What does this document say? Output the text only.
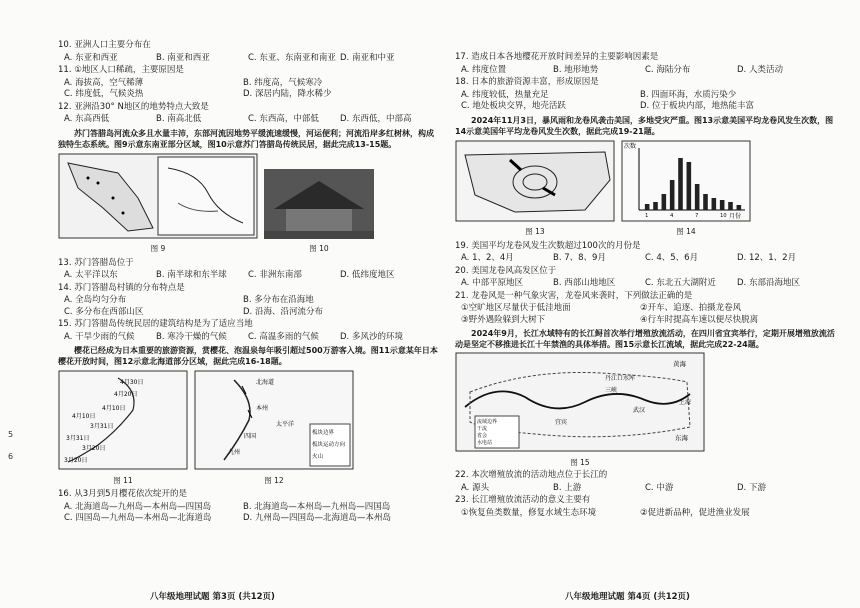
5
6
10. 亚洲人口主要分布在
A. 东亚和西亚	B. 南亚和西亚	C. 东亚、东南亚和南亚 D. 南亚和中亚
11. ①地区人口稀疏，主要原因是
A. 海拔高，空气稀薄	B. 纬度高，气候寒冷
C. 纬度低，气候炎热	D. 深居内陆，降水稀少
12. 亚洲沿30° N地区的地势特点大致是
A. 东高西低	B. 南高北低	C. 东西高，中部低	D. 东西低，中部高
苏门答腊岛河流众多且水量丰沛，东部河流因地势平缓流速缓慢，河运便利；河流沿岸多红树林，构成独特生态系统。图9示意东南亚部分区域，图10示意苏门答腊岛传统民居，据此完成13-15题。
图 9	图 10
13. 苏门答腊岛位于
A. 太平洋以东	B. 南半球和东半球	C. 非洲东南部	D. 低纬度地区
14. 苏门答腊岛村镇的分布特点是
A. 全岛均匀分布	B. 多分布在沿海地
C. 多分布在西部山区	D. 沿海、沿河流分布
15. 苏门答腊岛传统民居的建筑结构是为了适应当地
A. 干旱少雨的气候	B. 寒冷干燥的气候	C. 高温多雨的气候	D. 多风沙的环境
樱花已经成为日本重要的旅游资源，赏樱花、泡温泉每年吸引超过500万游客入境。图11示意某年日本樱花开放时间，图12示意北海道部分区域，据此完成16-18题。
4月30日
4月20日
4月10日
4月10日
3月31日
3月31日
3月20日
3月20日
图 11
北海道
本州
四国
九州
太平洋
板块边界
板块运动方向
火山
图 12
16. 从3月到5月樱花依次绽开的是
A. 北海道岛—九州岛—本州岛—四国岛	B. 北海道岛—本州岛—九州岛—四国岛
C. 四国岛—九州岛—本州岛—北海道岛	D. 九州岛—四国岛—北海道岛—本州岛
八年级地理试题 第3页 (共12页)
17. 造成日本各地樱花开放时间差异的主要影响因素是
A. 纬度位置	B. 地形地势	C. 海陆分布	D. 人类活动
18. 日本的旅游资源丰富，形成原因是
A. 纬度较低，热量充足	B. 四面环海，水质污染少
C. 地处板块交界，地壳活跃	D. 位于板块内部，地热能丰富
2024年11月3日，暴风雨和龙卷风袭击美国，多地受灾严重。图13示意美国平均龙卷风发生次数，图14示意美国年平均龙卷风发生次数，据此完成19-21题。
图 13
次数
月份
1	4	7	10
图 14
19. 美国平均龙卷风发生次数超过100次的月份是
A. 1、2、4月	B. 7、8、9月	C. 4、5、6月	D. 12、1、2月
20. 美国龙卷风高发区位于
A. 中部平原地区	B. 西部山地地区	C. 东北五大湖附近	D. 东部沿海地区
21. 龙卷风是一种气象灾害，龙卷风来袭时，下列做法正确的是
①空旷地区尽量伏于低洼地面	②开车、追逐、拍摄龙卷风
③野外遇险躲到大树下	④行车时提高车速以便尽快脱离
2024年9月，长江水域特有的长江鲟首次举行增殖放流活动，在四川省宜宾举行，定期开展增殖放流活动是坚定不移推进长江十年禁渔的具体举措。图15示意长江流域，据此完成22-24题。
黄海
东海
三峡
丹江口水库
宜宾
武汉
上海
流域边界
干流
省会
水电站
图 15
22. 本次增殖放流的活动地点位于长江的
A. 源头	B. 上游	C. 中游	D. 下游
23. 长江增殖放流活动的意义主要有
①恢复鱼类数量，修复水域生态环境	②促进新品种，促进渔业发展
八年级地理试题 第4页 (共12页)
